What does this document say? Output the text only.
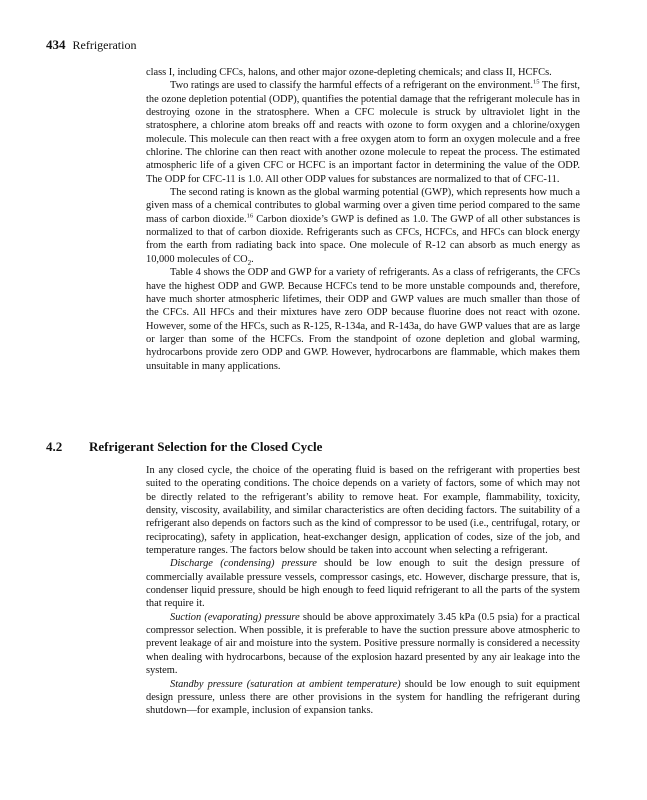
434 Refrigeration

class I, including CFCs, halons, and other major ozone-depleting chemicals; and class II, HCFCs.

Two ratings are used to classify the harmful effects of a refrigerant on the environment.$^{15}$ The first, the ozone depletion potential (ODP), quantifies the potential damage that the refrigerant molecule has in destroying ozone in the stratosphere. When a CFC molecule is struck by ultraviolet light in the stratosphere, a chlorine atom breaks off and reacts with ozone to form oxygen and a chlorine/oxygen molecule. This molecule can then react with a free oxygen atom to form an oxygen molecule and a free chlorine. The chlorine can then react with another ozone molecule to repeat the process. The estimated atmospheric life of a given CFC or HCFC is an important factor in determining the value of the ODP. The ODP for CFC-11 is 1.0. All other ODP values for substances are normalized to that of CFC-11.

The second rating is known as the global warming potential (GWP), which represents how much a given mass of a chemical contributes to global warming over a given time period compared to the same mass of carbon dioxide.$^{16}$ Carbon dioxide’s GWP is defined as 1.0. The GWP of all other substances is normalized to that of carbon dioxide. Refrigerants such as CFCs, HCFCs, and HFCs can block energy from the earth from radiating back into space. One molecule of R-12 can absorb as much energy as 10,000 molecules of $CO_2$.

Table 4 shows the ODP and GWP for a variety of refrigerants. As a class of refrigerants, the CFCs have the highest ODP and GWP. Because HCFCs tend to be more unstable compounds and, therefore, have much shorter atmospheric lifetimes, their ODP and GWP values are much smaller than those of the CFCs. All HFCs and their mixtures have zero ODP because fluorine does not react with ozone. However, some of the HFCs, such as R-125, R-134a, and R-143a, do have GWP values that are as large or larger than some of the HCFCs. From the standpoint of ozone depletion and global warming, hydrocarbons provide zero ODP and GWP. However, hydrocarbons are flammable, which makes them unsuitable in many applications.

4.2 Refrigerant Selection for the Closed Cycle

In any closed cycle, the choice of the operating fluid is based on the refrigerant with properties best suited to the operating conditions. The choice depends on a variety of factors, some of which may not be directly related to the refrigerant’s ability to remove heat. For example, flammability, toxicity, density, viscosity, availability, and similar characteristics are often deciding factors. The suitability of a refrigerant also depends on factors such as the kind of compressor to be used (i.e., centrifugal, rotary, or reciprocating), safety in application, heat-exchanger design, application of codes, size of the job, and temperature ranges. The factors below should be taken into account when selecting a refrigerant.

Discharge (condensing) pressure should be low enough to suit the design pressure of commercially available pressure vessels, compressor casings, etc. However, discharge pressure, that is, condenser liquid pressure, should be high enough to feed liquid refrigerant to all the parts of the system that require it.

Suction (evaporating) pressure should be above approximately 3.45 kPa (0.5 psia) for a practical compressor selection. When possible, it is preferable to have the suction pressure above atmospheric to prevent leakage of air and moisture into the system. Positive pressure normally is considered a necessity when dealing with hydrocarbons, because of the explosion hazard presented by any air leakage into the system.

Standby pressure (saturation at ambient temperature) should be low enough to suit equipment design pressure, unless there are other provisions in the system for handling the refrigerant during shutdown—for example, inclusion of expansion tanks.
